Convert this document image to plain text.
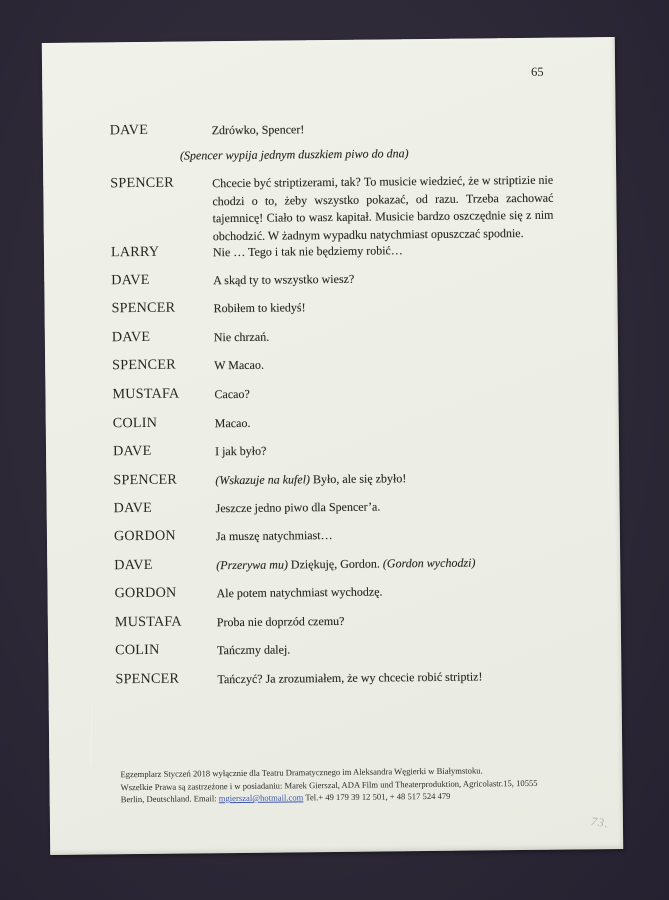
65
DAVE	Zdrówko, Spencer!
(Spencer wypija jednym duszkiem piwo do dna)
SPENCER	Chcecie być striptizerami, tak? To musicie wiedzieć, że w striptizie nie
chodzi o to, żeby wszystko pokazać, od razu. Trzeba zachować
tajemnicę! Ciało to wasz kapitał. Musicie bardzo oszczędnie się z nim
obchodzić. W żadnym wypadku natychmiast opuszczać spodnie.
LARRY	Nie … Tego i tak nie będziemy robić…
DAVE	A skąd ty to wszystko wiesz?
SPENCER	Robiłem to kiedyś!
DAVE	Nie chrzań.
SPENCER	W Macao.
MUSTAFA	Cacao?
COLIN	Macao.
DAVE	I jak było?
SPENCER	(Wskazuje na kufel) Było, ale się zbyło!
DAVE	Jeszcze jedno piwo dla Spencer’a.
GORDON	Ja muszę natychmiast…
DAVE	(Przerywa mu) Dziękuję, Gordon. (Gordon wychodzi)
GORDON	Ale potem natychmiast wychodzę.
MUSTAFA	Proba nie doprzód czemu?
COLIN	Tańczmy dalej.
SPENCER	Tańczyć? Ja zrozumiałem, że wy chcecie robić striptiz!
Egzemplarz Styczeń 2018 wyłącznie dla Teatru Dramatycznego im Aleksandra Węgierki w Białymstoku.
Wszelkie Prawa są zastrzeżone i w posiadaniu: Marek Gierszal, ADA Film und Theaterproduktion, Agricolastr.15, 10555
Berlin, Deutschland. Email: mgierszal@hotmail.com Tel.+ 49 179 39 12 501, + 48 517 524 479
73.
